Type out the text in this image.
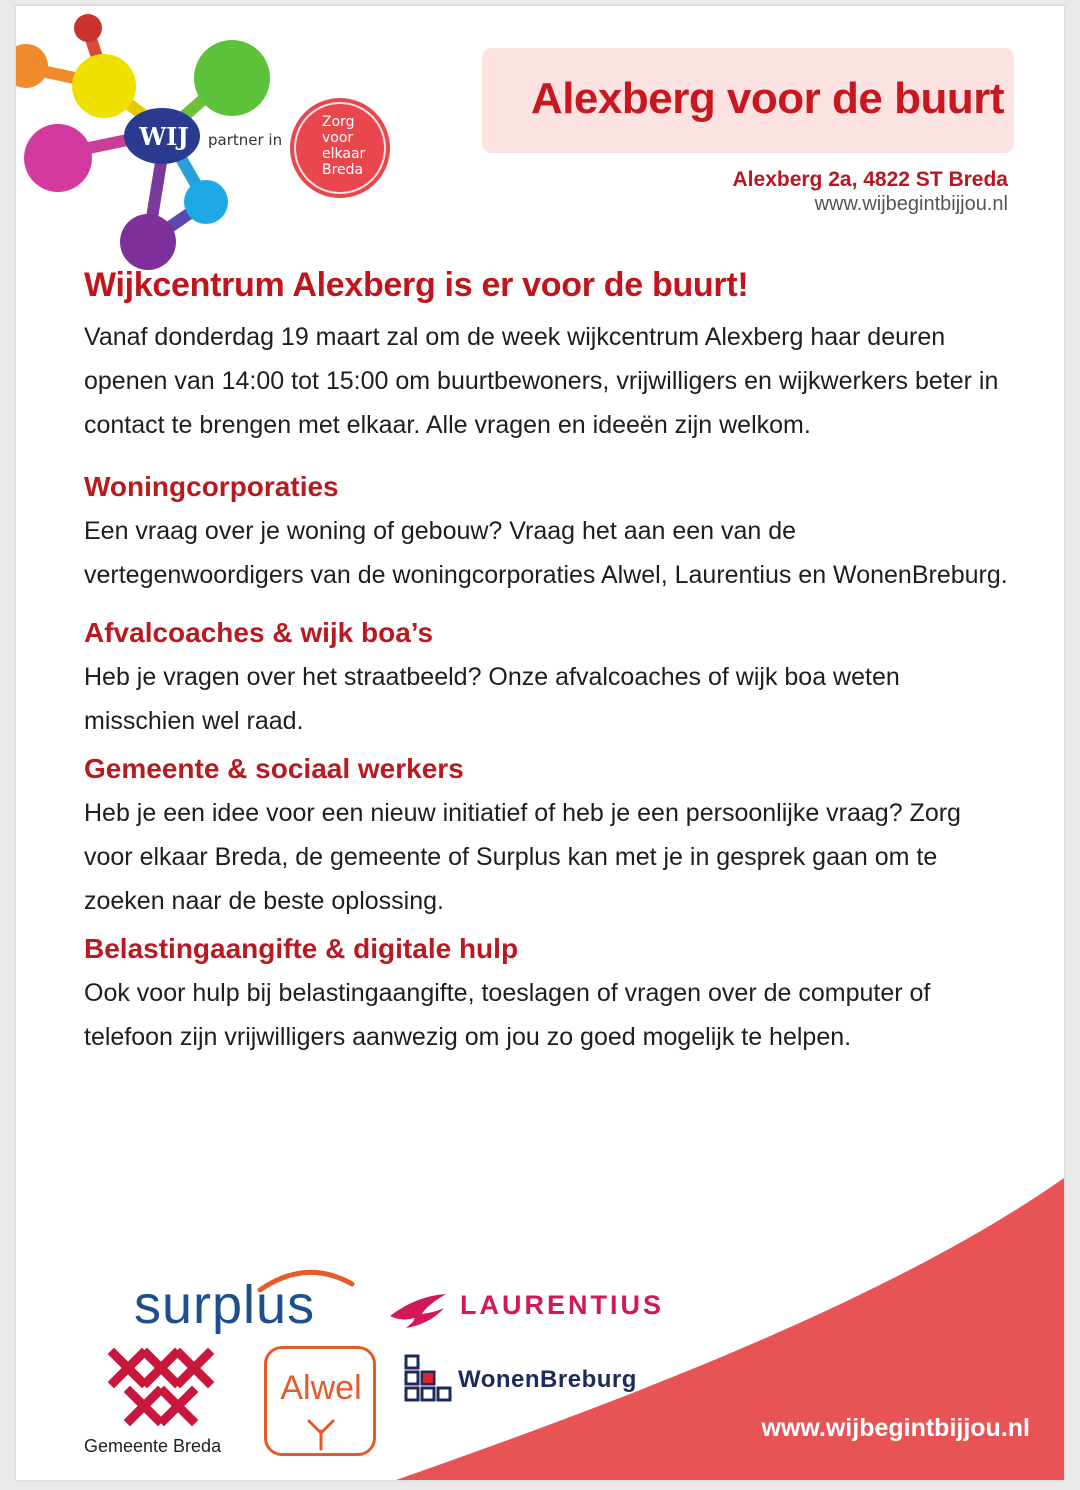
WIJ	partner in
Zorg
voor
elkaar
Breda
Alexberg voor de buurt
Alexberg 2a, 4822 ST Breda
www.wijbegintbijjou.nl
Wijkcentrum Alexberg is er voor de buurt!

Vanaf donderdag 19 maart zal om de week wijkcentrum Alexberg haar deuren openen van 14:00 tot 15:00 om buurtbewoners, vrijwilligers en wijkwerkers beter in contact te brengen met elkaar. Alle vragen en ideeën zijn welkom.

Woningcorporaties

Een vraag over je woning of gebouw? Vraag het aan een van de vertegenwoordigers van de woningcorporaties Alwel, Laurentius en WonenBreburg.

Afvalcoaches & wijk boa’s

Heb je vragen over het straatbeeld? Onze afvalcoaches of wijk boa weten misschien wel raad.

Gemeente & sociaal werkers

Heb je een idee voor een nieuw initiatief of heb je een persoonlijke vraag? Zorg voor elkaar Breda, de gemeente of Surplus kan met je in gesprek gaan om te zoeken naar de beste oplossing.

Belastingaangifte & digitale hulp

Ook voor hulp bij belastingaangifte, toeslagen of vragen over de computer of telefoon zijn vrijwilligers aanwezig om jou zo goed mogelijk te helpen.

surplus	LAURENTIUS
Gemeente Breda
Alwel	WonenBreburg
www.wijbegintbijjou.nl
